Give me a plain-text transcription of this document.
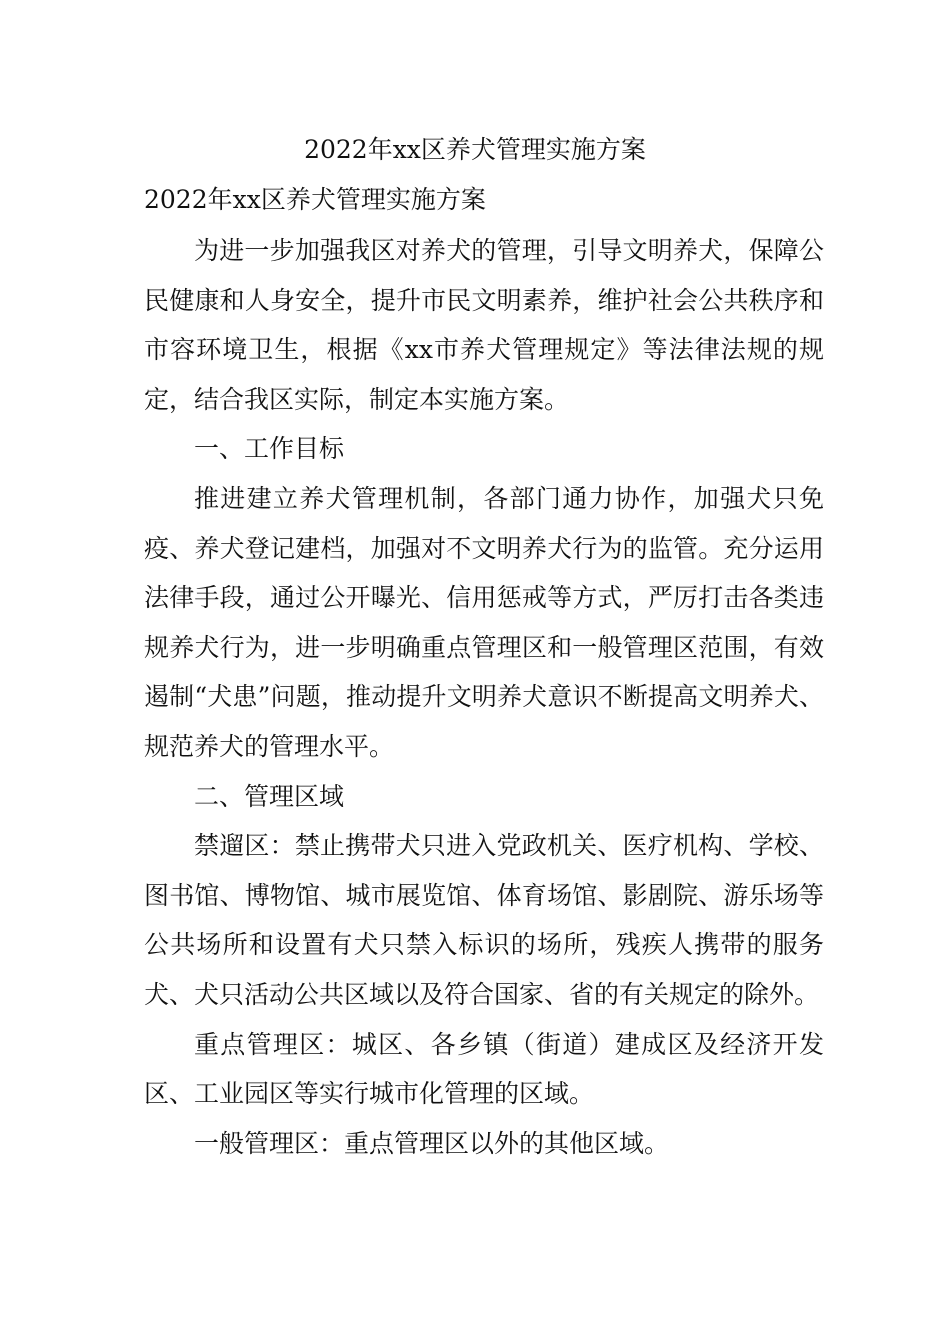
2022年xx区养犬管理实施方案
2022年xx区养犬管理实施方案

为进一步加强我区对养犬的管理，引导文明养犬，保障公民健康和人身安全，提升市民文明素养，维护社会公共秩序和市容环境卫生，根据《xx市养犬管理规定》等法律法规的规定，结合我区实际，制定本实施方案。

一、工作目标

推进建立养犬管理机制，各部门通力协作，加强犬只免疫、养犬登记建档，加强对不文明养犬行为的监管。充分运用法律手段，通过公开曝光、信用惩戒等方式，严厉打击各类违规养犬行为，进一步明确重点管理区和一般管理区范围，有效遏制“犬患”问题，推动提升文明养犬意识不断提高文明养犬、规范养犬的管理水平。

二、管理区域

禁遛区：禁止携带犬只进入党政机关、医疗机构、学校、图书馆、博物馆、城市展览馆、体育场馆、影剧院、游乐场等公共场所和设置有犬只禁入标识的场所，残疾人携带的服务犬、犬只活动公共区域以及符合国家、省的有关规定的除外。

重点管理区：城区、各乡镇（街道）建成区及经济开发区、工业园区等实行城市化管理的区域。

一般管理区：重点管理区以外的其他区域。
